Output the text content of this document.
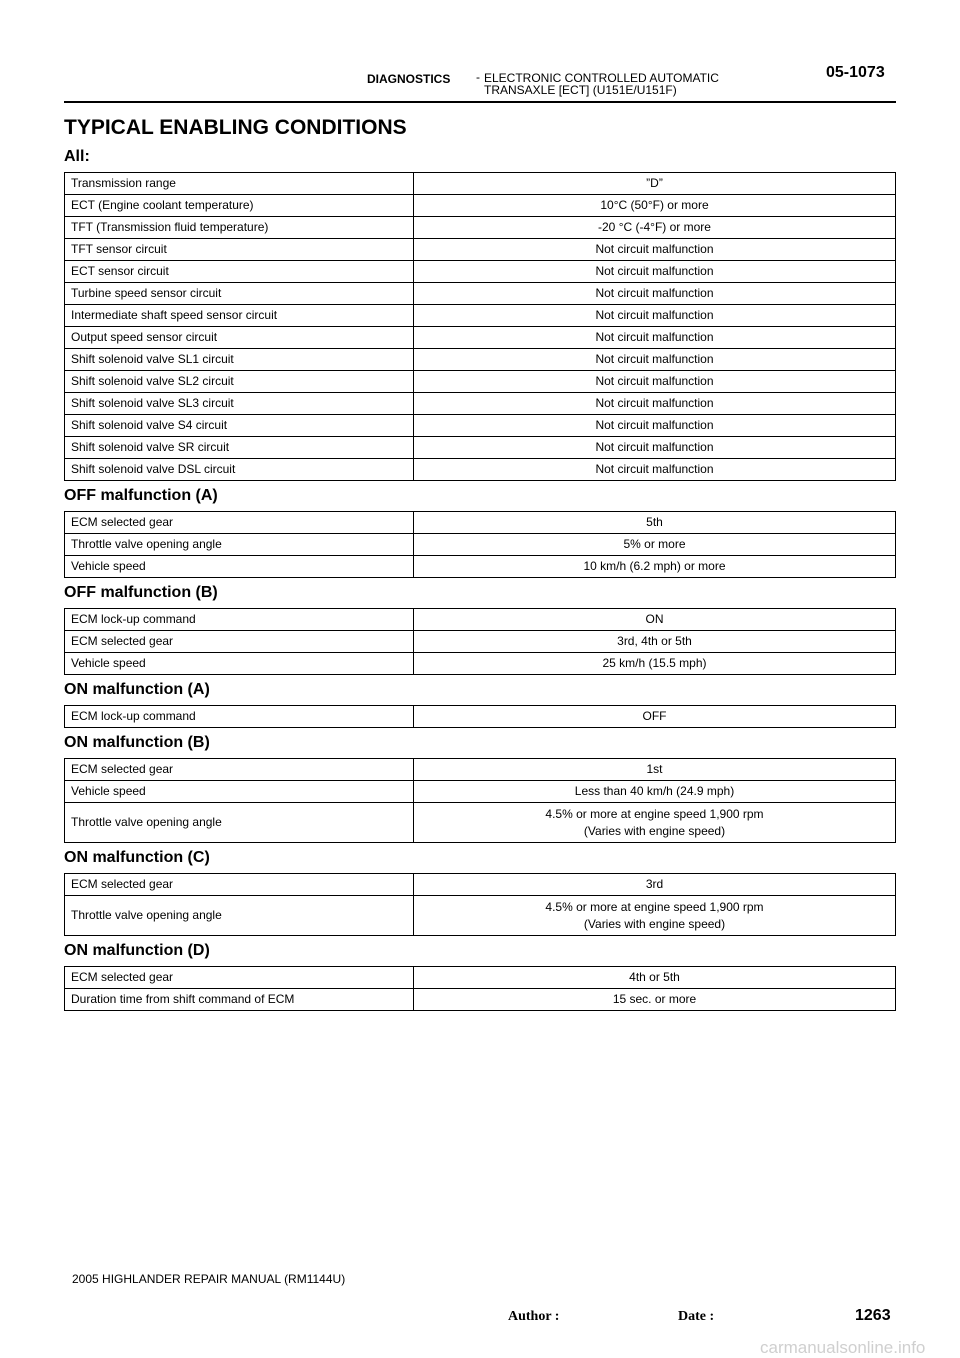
DIAGNOSTICS - ELECTRONIC CONTROLLED AUTOMATIC
TRANSAXLE [ECT] (U151E/U151F)
05-1073
TYPICAL ENABLING CONDITIONS
All:
Transmission range	”D”

ECT (Engine coolant temperature)	10°C (50°F) or more

TFT (Transmission fluid temperature)	-20 °C (-4°F) or more

TFT sensor circuit	Not circuit malfunction

ECT sensor circuit	Not circuit malfunction

Turbine speed sensor circuit	Not circuit malfunction

Intermediate shaft speed sensor circuit	Not circuit malfunction

Output speed sensor circuit	Not circuit malfunction

Shift solenoid valve SL1 circuit	Not circuit malfunction

Shift solenoid valve SL2 circuit	Not circuit malfunction

Shift solenoid valve SL3 circuit	Not circuit malfunction

Shift solenoid valve S4 circuit	Not circuit malfunction

Shift solenoid valve SR circuit	Not circuit malfunction

Shift solenoid valve DSL circuit	Not circuit malfunction
OFF malfunction (A)
ECM selected gear	5th

Throttle valve opening angle	5% or more

Vehicle speed	10 km/h (6.2 mph) or more
OFF malfunction (B)
ECM lock-up command	ON

ECM selected gear	3rd, 4th or 5th

Vehicle speed	25 km/h (15.5 mph)
ON malfunction (A)
ECM lock-up command	OFF
ON malfunction (B)
ECM selected gear	1st

Vehicle speed	Less than 40 km/h (24.9 mph)

Throttle valve opening angle	4.5% or more at engine speed 1,900 rpm
(Varies with engine speed)
ON malfunction (C)
ECM selected gear	3rd

Throttle valve opening angle	4.5% or more at engine speed 1,900 rpm
(Varies with engine speed)
ON malfunction (D)
ECM selected gear	4th or 5th

Duration time from shift command of ECM	15 sec. or more
2005 HIGHLANDER REPAIR MANUAL (RM1144U)
Author :	Date :	1263
carmanualsonline.info
